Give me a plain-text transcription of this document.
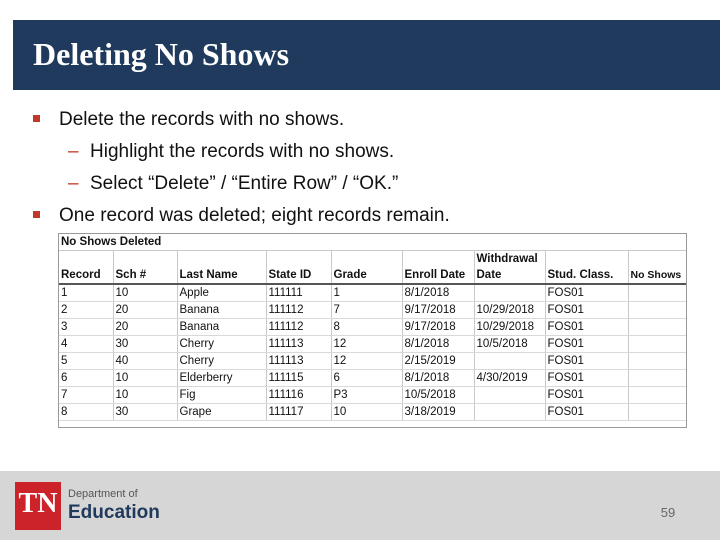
Deleting No Shows
Delete the records with no shows.
– Highlight the records with no shows.
– Select “Delete” / “Entire Row” / “OK.”
One record was deleted; eight records remain.
No Shows Deleted								
						Withdrawal		
Record	Sch #	Last Name	State ID	Grade	Enroll Date	Date	Stud. Class.	No Shows
1	10	Apple	111111	1	8/1/2018		FOS01	
2	20	Banana	111112	7	9/17/2018	10/29/2018	FOS01	
3	20	Banana	111112	8	9/17/2018	10/29/2018	FOS01	
4	30	Cherry	111113	12	8/1/2018	10/5/2018	FOS01	
5	40	Cherry	111113	12	2/15/2019		FOS01	
6	10	Elderberry	111115	6	8/1/2018	4/30/2019	FOS01	
7	10	Fig	111116	P3	10/5/2018		FOS01	
8	30	Grape	111117	10	3/18/2019		FOS01	
TN Department of
Education	59
